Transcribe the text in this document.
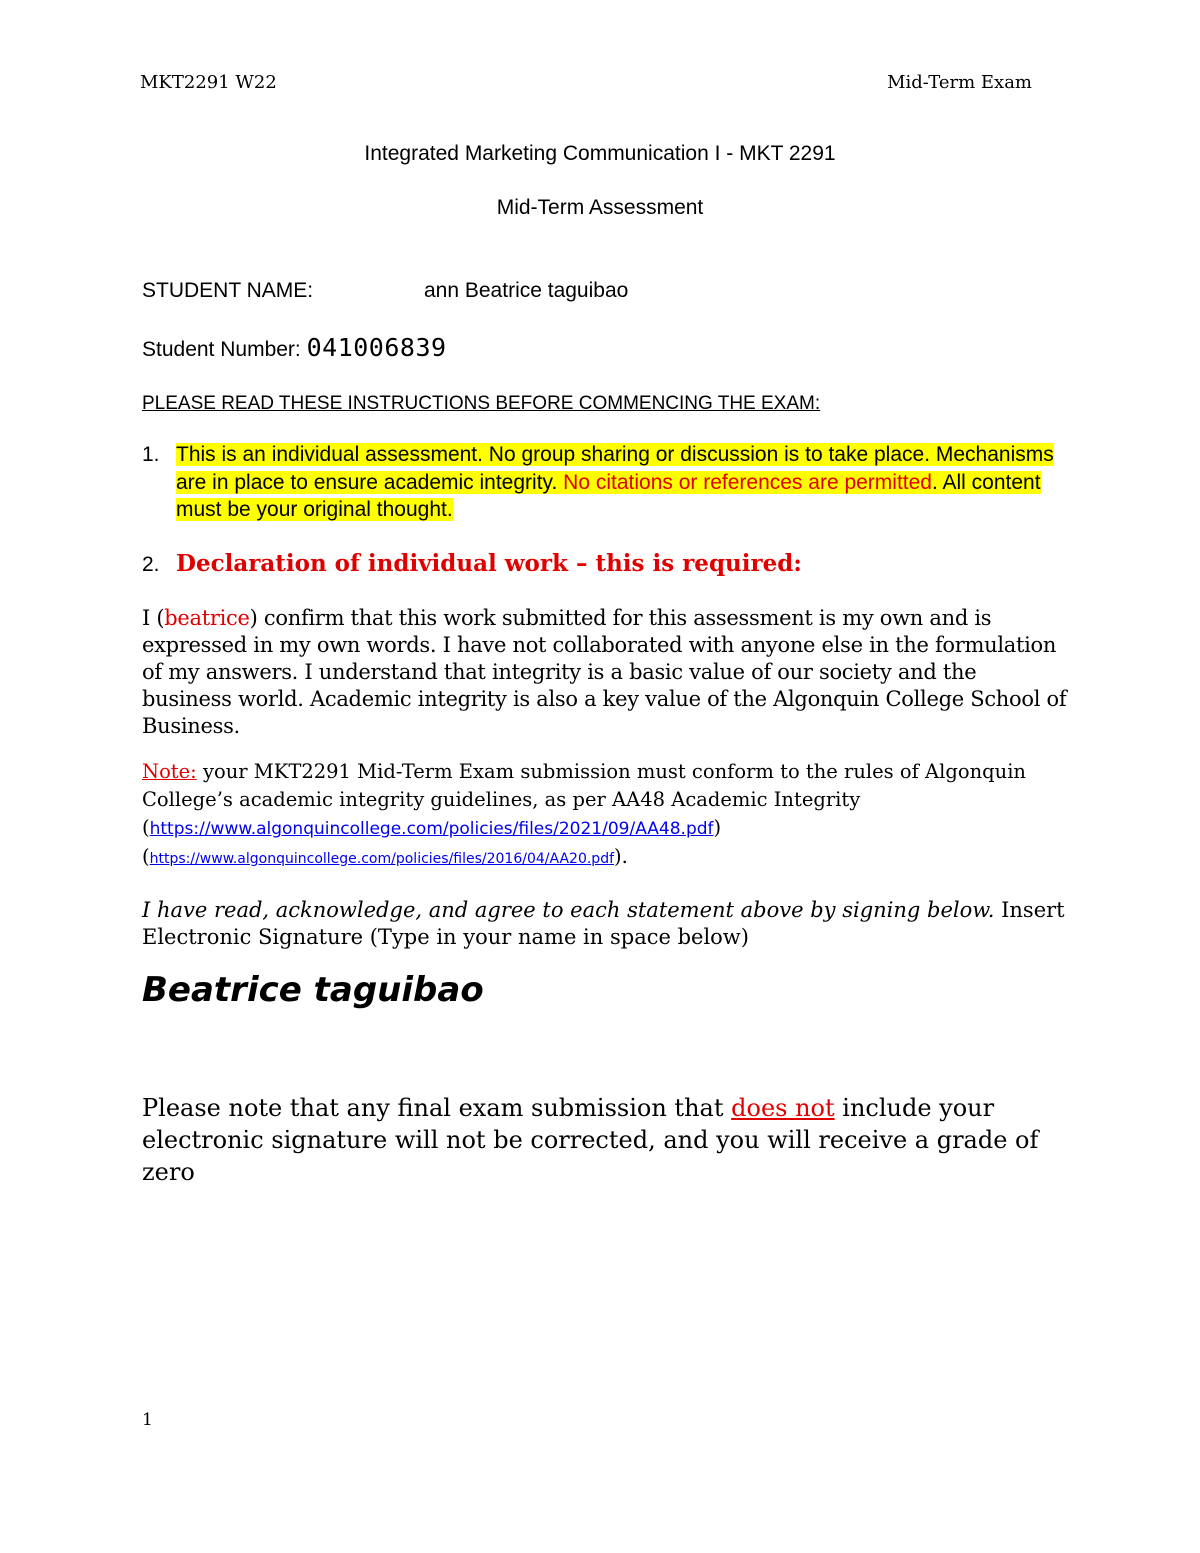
MKT2291 W22	Mid-Term Exam
Integrated Marketing Communication I - MKT 2291
Mid-Term Assessment
STUDENT NAME:	ann Beatrice taguibao
Student Number: 041006839
PLEASE READ THESE INSTRUCTIONS BEFORE COMMENCING THE EXAM:
1. This is an individual assessment. No group sharing or discussion is to take place. Mechanisms are in place to ensure academic integrity. No citations or references are permitted. All content must be your original thought.
2. Declaration of individual work – this is required:
I (beatrice) confirm that this work submitted for this assessment is my own and is expressed in my own words. I have not collaborated with anyone else in the formulation of my answers. I understand that integrity is a basic value of our society and the business world. Academic integrity is also a key value of the Algonquin College School of Business.
Note: your MKT2291 Mid-Term Exam submission must conform to the rules of Algonquin College’s academic integrity guidelines, as per AA48 Academic Integrity
(https://www.algonquincollege.com/policies/files/2021/09/AA48.pdf)
(https://www.algonquincollege.com/policies/files/2016/04/AA20.pdf).
I have read, acknowledge, and agree to each statement above by signing below. Insert Electronic Signature (Type in your name in space below)
Beatrice taguibao
Please note that any final exam submission that does not include your electronic signature will not be corrected, and you will receive a grade of zero
1
